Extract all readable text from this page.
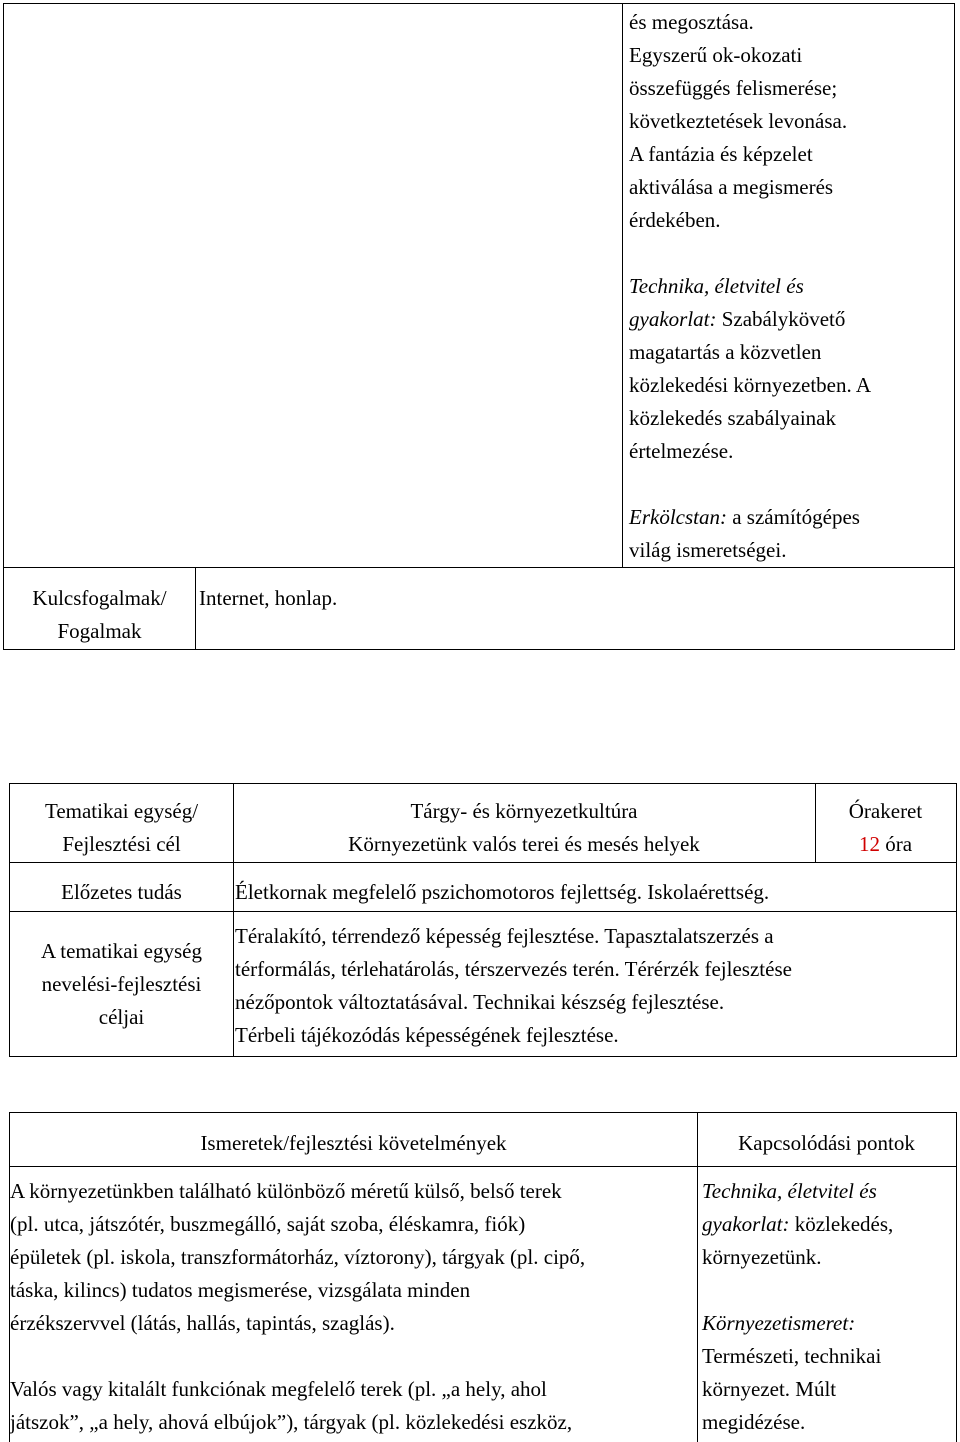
és megosztása.
Egyszerű ok-okozati
összefüggés felismerése;
következtetések levonása.
A fantázia és képzelet
aktiválása a megismerés
érdekében.
Technika, életvitel és
gyakorlat: Szabálykövető
magatartás a közvetlen
közlekedési környezetben. A
közlekedés szabályainak
értelmezése.
Erkölcstan: a számítógépes
világ ismeretségei.
Kulcsfogalmak/
Fogalmak
Internet, honlap.
Tematikai egység/
Fejlesztési cél
Tárgy- és környezetkultúra
Környezetünk valós terei és mesés helyek
Órakeret
12 óra
Előzetes tudás	Életkornak megfelelő pszichomotoros fejlettség. Iskolaérettség.
A tematikai egység
nevelési-fejlesztési
céljai
Téralakító, térrendező képesség fejlesztése. Tapasztalatszerzés a
térformálás, térlehatárolás, térszervezés terén. Térérzék fejlesztése
nézőpontok változtatásával. Technikai készség fejlesztése.
Térbeli tájékozódás képességének fejlesztése.
Ismeretek/fejlesztési követelmények	Kapcsolódási pontok
A környezetünkben található különböző méretű külső, belső terek
(pl. utca, játszótér, buszmegálló, saját szoba, éléskamra, fiók)
épületek (pl. iskola, transzformátorház, víztorony), tárgyak (pl. cipő,
táska, kilincs) tudatos megismerése, vizsgálata minden
érzékszervvel (látás, hallás, tapintás, szaglás).
Valós vagy kitalált funkciónak megfelelő terek (pl. „a hely, ahol
játszok”, „a hely, ahová elbújok”), tárgyak (pl. közlekedési eszköz,
Technika, életvitel és
gyakorlat: közlekedés,
környezetünk.
Környezetismeret:
Természeti, technikai
környezet. Múlt
megidézése.
